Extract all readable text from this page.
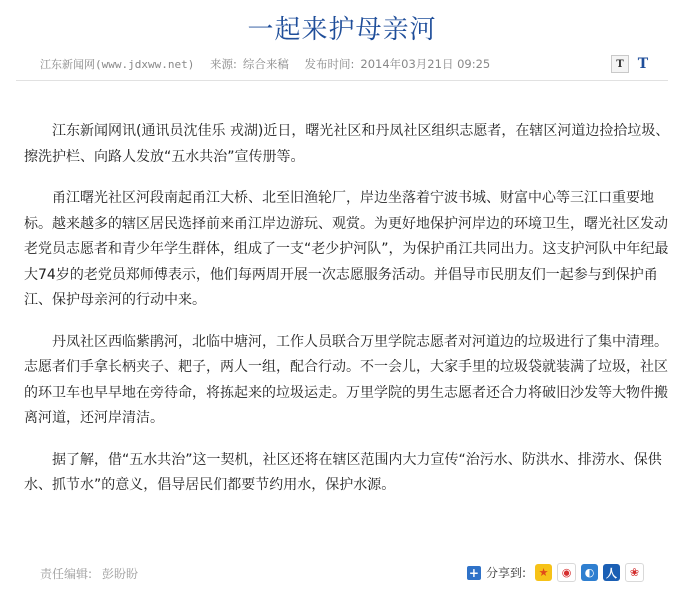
一起来护母亲河
江东新闻网(www.jdxww.net) 来源: 综合来稿 发布时间: 2014年03月21日 09:25	T	T

江东新闻网讯(通讯员沈佳乐 戎湖)近日，曙光社区和丹凤社区组织志愿者，在辖区河道边捡拾垃圾、擦洗护栏、向路人发放“五水共治”宣传册等。

甬江曙光社区河段南起甬江大桥、北至旧渔轮厂，岸边坐落着宁波书城、财富中心等三江口重要地标。越来越多的辖区居民选择前来甬江岸边游玩、观赏。为更好地保护河岸边的环境卫生，曙光社区发动老党员志愿者和青少年学生群体，组成了一支“老少护河队”，为保护甬江共同出力。这支护河队中年纪最大74岁的老党员郑师傅表示，他们每两周开展一次志愿服务活动。并倡导市民朋友们一起参与到保护甬江、保护母亲河的行动中来。

丹凤社区西临紫鹃河，北临中塘河，工作人员联合万里学院志愿者对河道边的垃圾进行了集中清理。志愿者们手拿长柄夹子、耙子，两人一组，配合行动。不一会儿，大家手里的垃圾袋就装满了垃圾，社区的环卫车也早早地在旁待命，将拣起来的垃圾运走。万里学院的男生志愿者还合力将破旧沙发等大物件搬离河道，还河岸清洁。

据了解，借“五水共治”这一契机，社区还将在辖区范围内大力宣传“治污水、防洪水、排涝水、保供水、抓节水”的意义，倡导居民们都要节约用水，保护水源。

责任编辑: 彭盼盼	+ 分享到:	★	◉	◐	人	❀
